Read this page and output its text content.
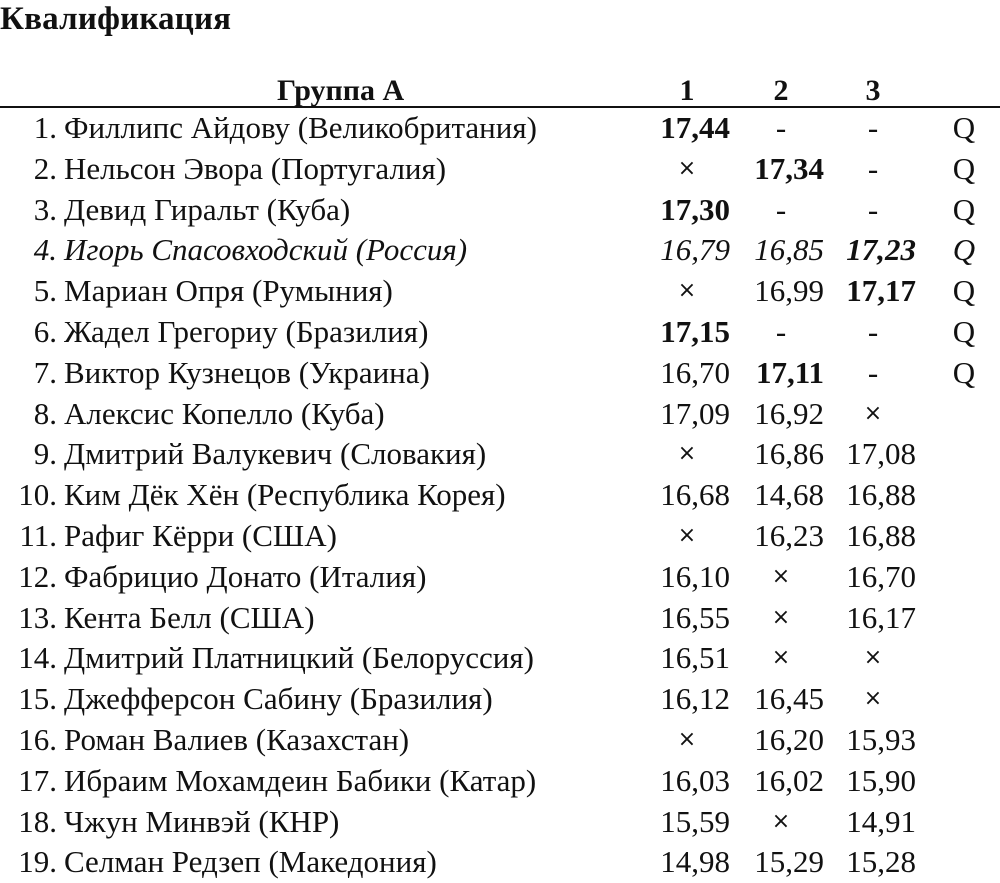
Квалификация
Группа А	1	2	3
1. Филлипс Айдову (Великобритания)	17,44	-	-	Q
2. Нельсон Эвора (Португалия)	×	17,34	-	Q
3. Девид Гиральт (Куба)	17,30	-	-	Q
4. Игорь Спасовходский (Россия)	16,79 16,85 17,23 Q
5. Мариан Опря (Румыния)	×	16,99 17,17 Q
6. Жадел Грегориу (Бразилия)	17,15	-	-	Q
7. Виктор Кузнецов (Украина)	16,70 17,11	-	Q
8. Алексис Копелло (Куба)	17,09 16,92	×
9. Дмитрий Валукевич (Словакия)	×	16,86 17,08
10. Ким Дёк Хён (Республика Корея)	16,68 14,68 16,88
11. Рафиг Кёрри (США)	×	16,23 16,88
12. Фабрицио Донато (Италия)	16,10	×	16,70
13. Кента Белл (США)	16,55	×	16,17
14. Дмитрий Платницкий (Белоруссия)	16,51	×	×
15. Джефферсон Сабину (Бразилия)	16,12 16,45	×
16. Роман Валиев (Казахстан)	×	16,20 15,93
17. Ибраим Мохамдеин Бабики (Катар)	16,03 16,02 15,90
18. Чжун Минвэй (КНР)	15,59	×	14,91
19. Селман Редзеп (Македония)	14,98 15,29 15,28
